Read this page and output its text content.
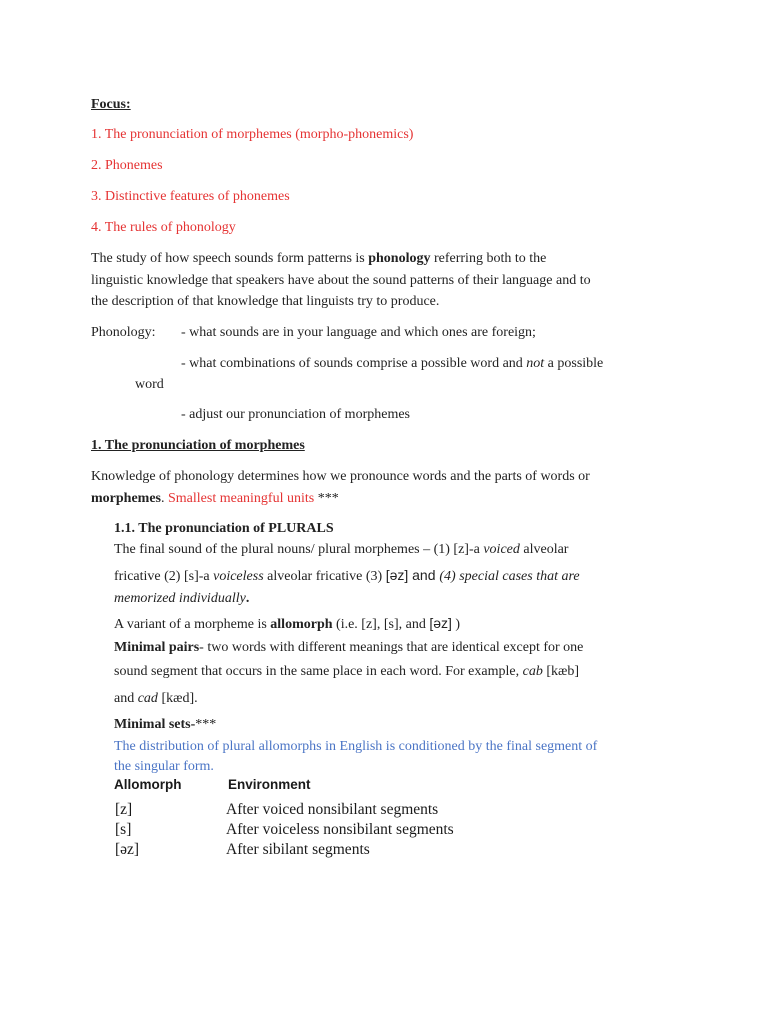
Focus:
1. The pronunciation of morphemes (morpho-phonemics)
2. Phonemes
3. Distinctive features of phonemes
4. The rules of phonology
The study of how speech sounds form patterns is phonology referring both to the
linguistic knowledge that speakers have about the sound patterns of their language and to
the description of that knowledge that linguists try to produce.
Phonology: - what sounds are in your language and which ones are foreign;
- what combinations of sounds comprise a possible word and not a possible
word
- adjust our pronunciation of morphemes
1. The pronunciation of morphemes
Knowledge of phonology determines how we pronounce words and the parts of words or
morphemes. Smallest meaningful units ***
1.1. The pronunciation of PLURALS
The final sound of the plural nouns/ plural morphemes – (1) [z]-a voiced alveolar
fricative (2) [s]-a voiceless alveolar fricative (3) [əz] and (4) special cases that are
memorized individually.
A variant of a morpheme is allomorph (i.e. [z], [s], and [əz] )
Minimal pairs- two words with different meanings that are identical except for one
sound segment that occurs in the same place in each word. For example, cab [kæb]
and cad [kæd].
Minimal sets-***
The distribution of plural allomorphs in English is conditioned by the final segment of
the singular form.
Allomorph	Environment
[z]	After voiced nonsibilant segments
[s]	After voiceless nonsibilant segments
[əz]	After sibilant segments
